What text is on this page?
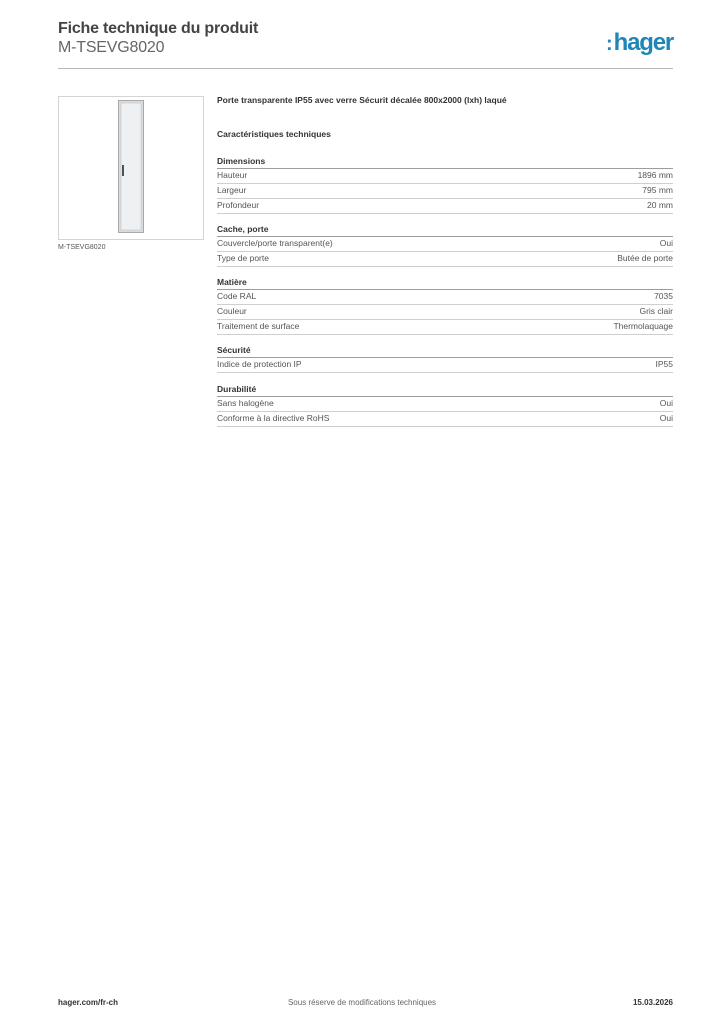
Fiche technique du produit
M-TSEVG8020	:hager
M-TSEVG8020
Porte transparente IP55 avec verre Sécurit décalée 800x2000 (lxh) laqué
Caractéristiques techniques
Dimensions
Hauteur	1896 mm
Largeur	795 mm
Profondeur	20 mm
Cache, porte
Couvercle/porte transparent(e)	Oui
Type de porte	Butée de porte
Matière
Code RAL	7035
Couleur	Gris clair
Traitement de surface	Thermolaquage
Sécurité
Indice de protection IP	IP55
Durabilité
Sans halogène	Oui
Conforme à la directive RoHS	Oui
hager.com/fr-ch	Sous réserve de modifications techniques	15.03.2026
